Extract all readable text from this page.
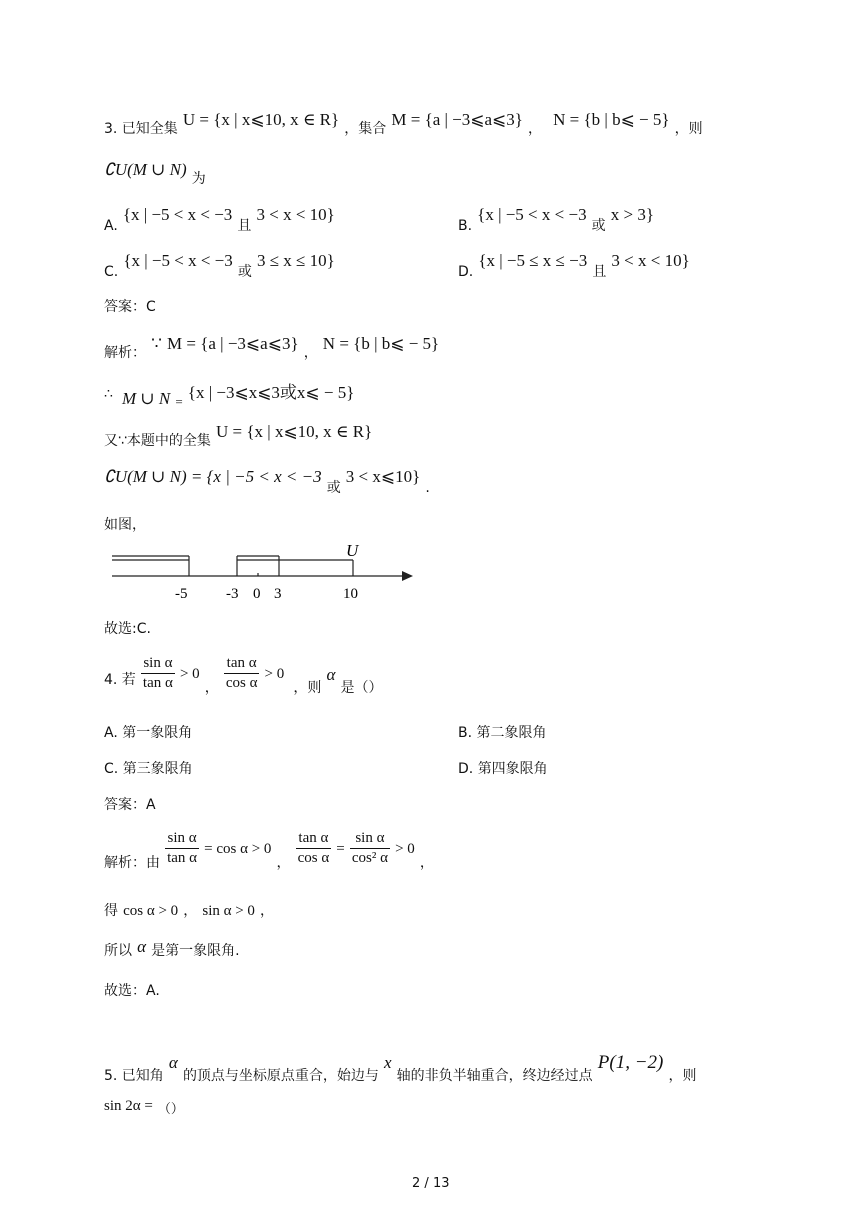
3. 已知全集 U = {x | x⩽10, x ∈ R} ，集合 M = {a | −3⩽a⩽3} ， N = {b | b⩽ − 5} ，则
∁U(M ∪ N) 为
A. {x | −5 < x < −3 且 3 < x < 10}
B. {x | −5 < x < −3 或 x > 3}
C. {x | −5 < x < −3 或 3 ≤ x ≤ 10}
D. {x | −5 ≤ x ≤ −3 且 3 < x < 10}
答案：C
解析： ∵ M = {a | −3⩽a⩽3} ， N = {b | b⩽ − 5}
∴ M ∪ N $_=$ {x | −3⩽x⩽3或x⩽ − 5}
又∵本题中的全集 U = {x | x⩽10, x ∈ R}
∁U(M ∪ N) = {x | −5 < x < −3 或 3 < x⩽10} .
如图，
U
-5	-3 0 3	10
故选:C.
4. 若 $\frac{\text{sin α}}{\text{tan α}} > 0$ ， $\frac{\text{tan α}}{\text{cos α}} > 0$ ，则 α 是（）
A. 第一象限角	B. 第二象限角
C. 第三象限角	D. 第四象限角
答案：A
解析：由 $\frac{\text{sin α}}{\text{tan α}} = \cos \alpha > 0$ ， $\frac{\text{tan α}}{\text{cos α}} = \frac{\text{sin α}}{\text{cos² α}} > 0$ ，
得 cos α > 0 ， sin α > 0 ，
所以 α 是第一象限角.
故选：A.
5. 已知角 α 的顶点与坐标原点重合，始边与 x 轴的非负半轴重合，终边经过点 P(1, −2) ，则
sin 2α = （）
2 / 13
